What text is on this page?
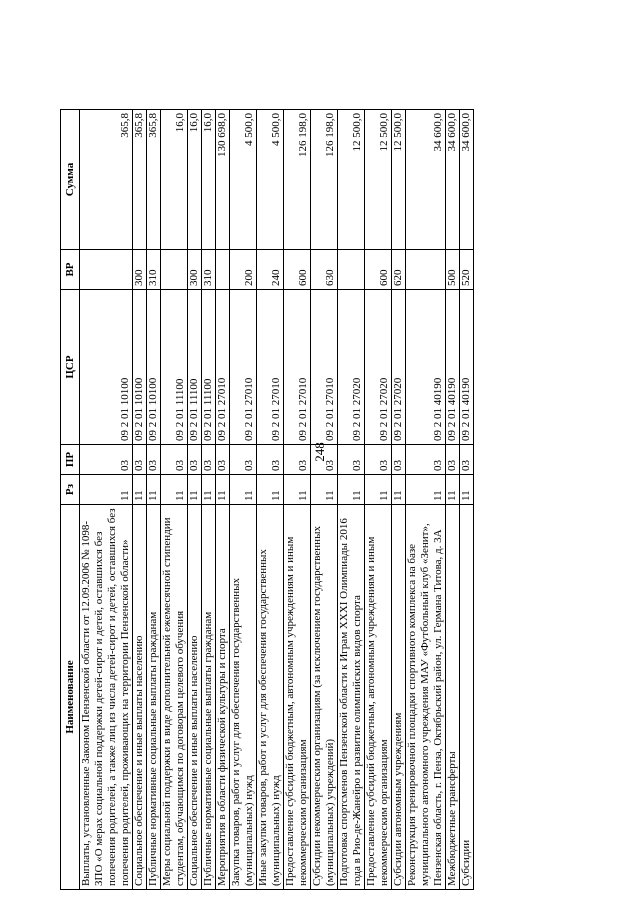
248
Наименование	Рз	ПР	ЦСР	ВР	Сумма
Выплаты, установленные Законом Пензенской области от 12.09.2006 № 1098-ЗПО «О мерах социальной поддержки детей-сирот и детей, оставшихся без попечения родителей, а также лиц из числа детей-сирот и детей, оставшихся без попечения родителей, проживающих на территории Пензенской области»	11	03	09 2 01 10100		365,8
Социальное обеспечение и иные выплаты населению	11	03	09 2 01 10100	300	365,8
Публичные нормативные социальные выплаты гражданам	11	03	09 2 01 10100	310	365,8
Меры социальной поддержки в виде дополнительной ежемесячной стипендии студентам, обучающимся по договорам целевого обучения	11	03	09 2 01 11100		16,0
Социальное обеспечение и иные выплаты населению	11	03	09 2 01 11100	300	16,0
Публичные нормативные социальные выплаты гражданам	11	03	09 2 01 11100	310	16,0
Мероприятия в области физической культуры и спорта	11	03	09 2 01 27010		130 698,0
Закупка товаров, работ и услуг для обеспечения государственных (муниципальных) нужд	11	03	09 2 01 27010	200	4 500,0
Иные закупки товаров, работ и услуг для обеспечения государственных (муниципальных) нужд	11	03	09 2 01 27010	240	4 500,0
Предоставление субсидий бюджетным, автономным учреждениям и иным некоммерческим организациям	11	03	09 2 01 27010	600	126 198,0
Субсидии некоммерческим организациям (за исключением государственных (муниципальных) учреждений)	11	03	09 2 01 27010	630	126 198,0
Подготовка спортсменов Пензенской области к Играм XXXI Олимпиады 2016 года в Рио-де-Жанейро и развитие олимпийских видов спорта	11	03	09 2 01 27020		12 500,0
Предоставление субсидий бюджетным, автономным учреждениям и иным некоммерческим организациям	11	03	09 2 01 27020	600	12 500,0
Субсидии автономным учреждениям	11	03	09 2 01 27020	620	12 500,0
Реконструкция тренировочной площадки спортивного комплекса на базе муниципального автономного учреждения МАУ «Футбольный клуб «Зенит», Пензенская область, г. Пенза, Октябрьский район, ул. Германа Титова, д. 3А	11	03	09 2 01 40190		34 600,0
Межбюджетные трансферты	11	03	09 2 01 40190	500	34 600,0
Субсидии	11	03	09 2 01 40190	520	34 600,0
